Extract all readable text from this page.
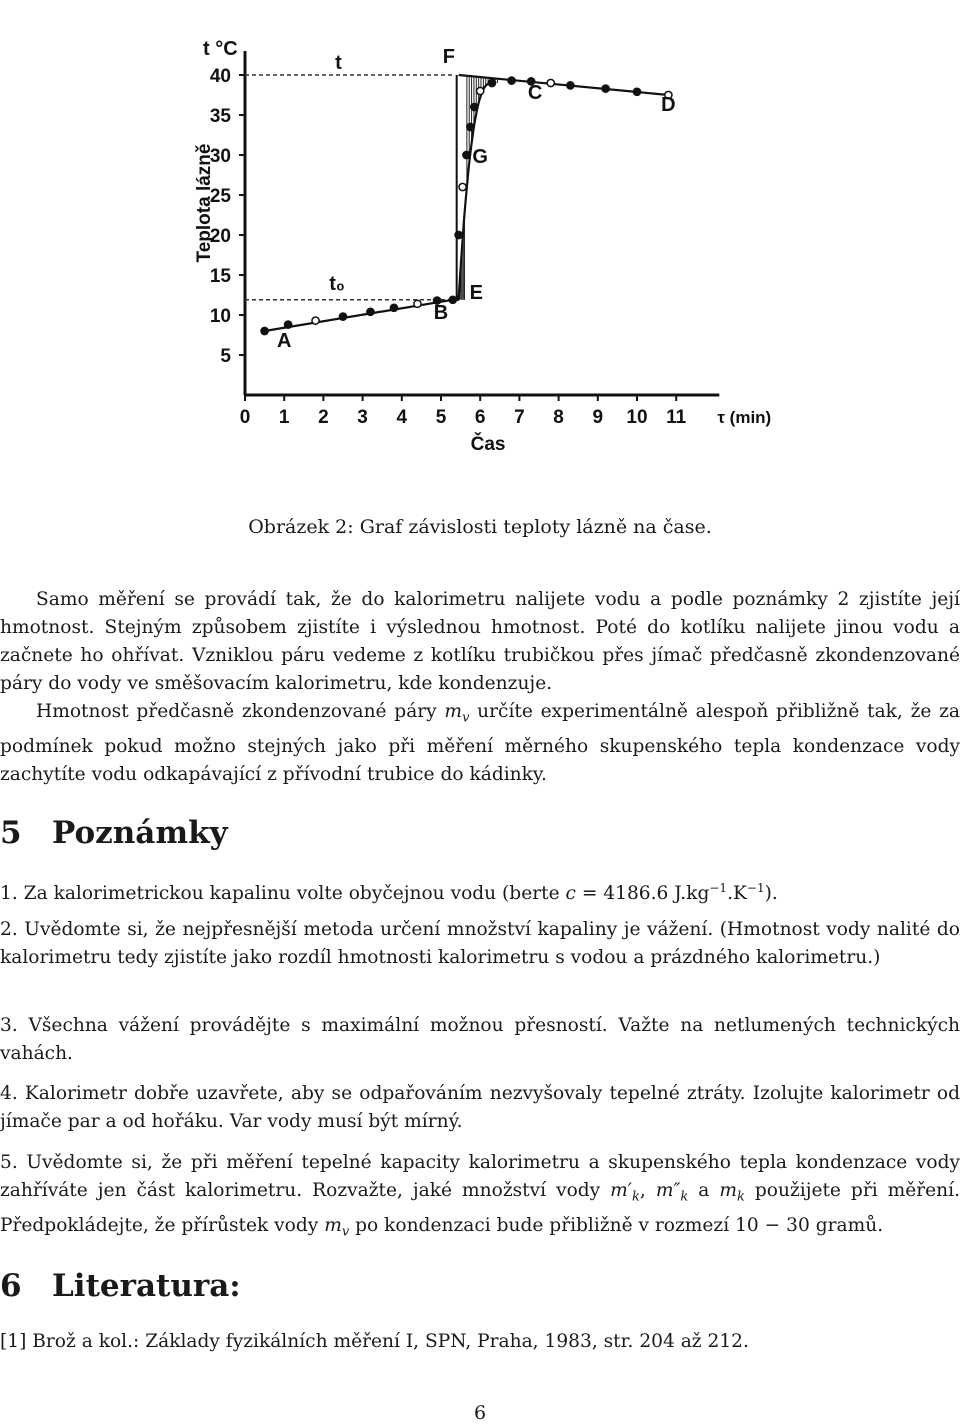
0 1 2 3 4 5 6 7 8 9 10 11
5
10
15
20
25
30
35
40
t °C
τ (min)
Čas
Teplota lázně
t
t₀
A
B
C
D
E
F
G
Obrázek 2: Graf závislosti teploty lázně na čase.

Samo měření se provádí tak, že do kalorimetru nalijete vodu a podle poznámky 2 zjistíte její hmotnost. Stejným způsobem zjistíte i výslednou hmotnost. Poté do kotlíku nalijete jinou vodu a začnete ho ohřívat. Vzniklou páru vedeme z kotlíku trubičkou přes jímač předčasně zkondenzované páry do vody ve směšovacím kalorimetru, kde kondenzuje.

Hmotnost předčasně zkondenzované páry $m_v$ určíte experimentálně alespoň přibližně tak, že za podmínek pokud možno stejných jako při měření měrného skupenského tepla kondenzace vody zachytíte vodu odkapávající z přívodní trubice do kádinky.

5 Poznámky
1. Za kalorimetrickou kapalinu volte obyčejnou vodu (berte c = 4186.6 $J.kg^{-1}.K^{-1}$).
2. Uvědomte si, že nejpřesnější metoda určení množství kapaliny je vážení. (Hmotnost vody nalité do kalorimetru tedy zjistíte jako rozdíl hmotnosti kalorimetru s vodou a prázdného kalorimetru.)
3. Všechna vážení provádějte s maximální možnou přesností. Važte na netlumených technických vahách.
4. Kalorimetr dobře uzavřete, aby se odpařováním nezvyšovaly tepelné ztráty. Izolujte kalorimetr od jímače par a od hořáku. Var vody musí být mírný.
5. Uvědomte si, že při měření tepelné kapacity kalorimetru a skupenského tepla kondenzace vody zahříváte jen část kalorimetru. Rozvažte, jaké množství vody $m'_k$, $m''_k$ a $m_k$ použijete při měření. Předpokládejte, že přírůstek vody $m_v$ po kondenzaci bude přibližně v rozmezí 10 − 30 gramů.
6 Literatura:
[1] Brož a kol.: Základy fyzikálních měření I, SPN, Praha, 1983, str. 204 až 212.
6
